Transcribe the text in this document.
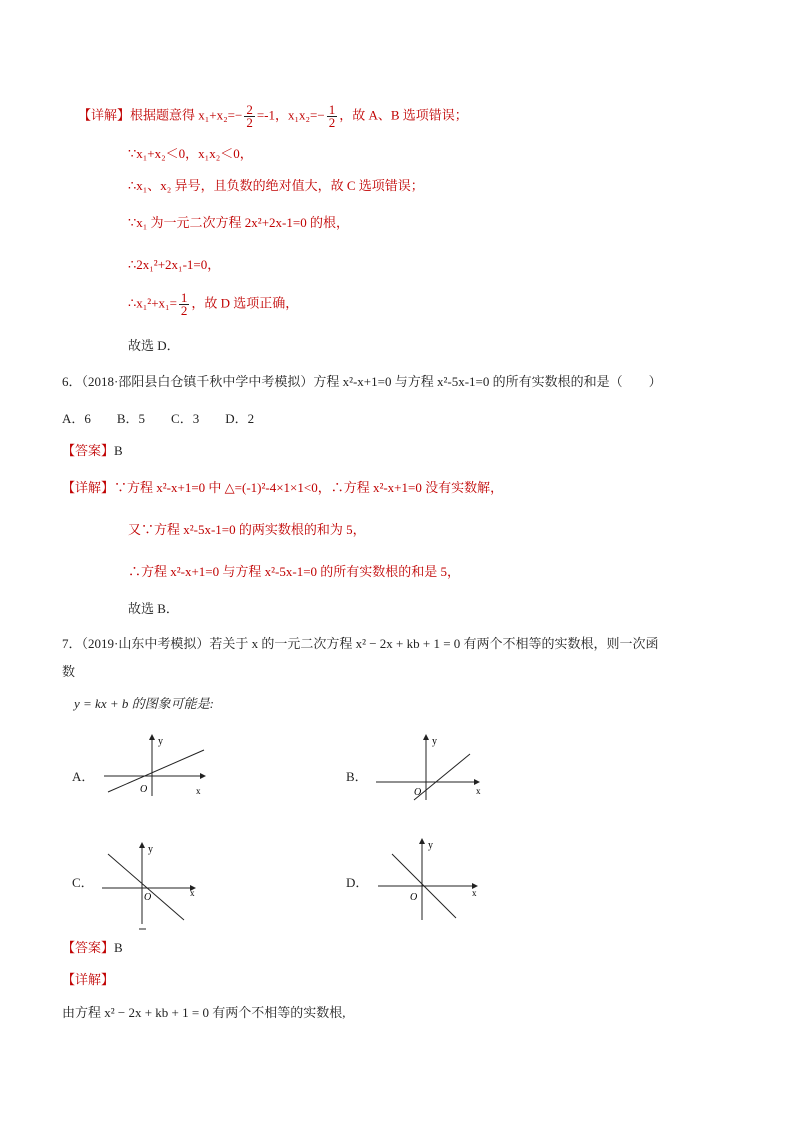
【详解】根据题意得 $x_1+x_2=- \frac{2}{2} =-1$，$x_1x_2=- \frac{1}{2}$ ，故 A、B 选项错误；
∵x₁+x₂＜0，x₁x₂＜0，
∴x₁、x₂ 异号，且负数的绝对值大，故 C 选项错误；
∵x₁ 为一元二次方程 2x²+2x-1=0 的根，
∴2x₁²+2x₁-1=0，
∴x₁²+x₁= $\frac{1}{2}$ ，故 D 选项正确，
故选 D．
6．（2018·邵阳县白仓镇千秋中学中考模拟）方程 x²-x+1=0 与方程 x²-5x-1=0 的所有实数根的和是（　　）
A．6　　B．5　　C．3　　D．2
【答案】B
【详解】∵方程 x²-x+1=0 中 △=(-1)²-4×1×1<0，∴方程 x²-x+1=0 没有实数解，
又∵方程 x²-5x-1=0 的两实数根的和为 5，
∴方程 x²-x+1=0 与方程 x²-5x-1=0 的所有实数根的和是 5，
故选 B．
7．（2019·山东中考模拟）若关于 x 的一元二次方程 x² − 2x + kb + 1 = 0 有两个不相等的实数根，则一次函
数
y = kx + b 的图象可能是:
A．
y
x
O
B．
y
x
O
C．
y
x
O
D．
y
x
O
【答案】B
【详解】
由方程 x² − 2x + kb + 1 = 0 有两个不相等的实数根,
